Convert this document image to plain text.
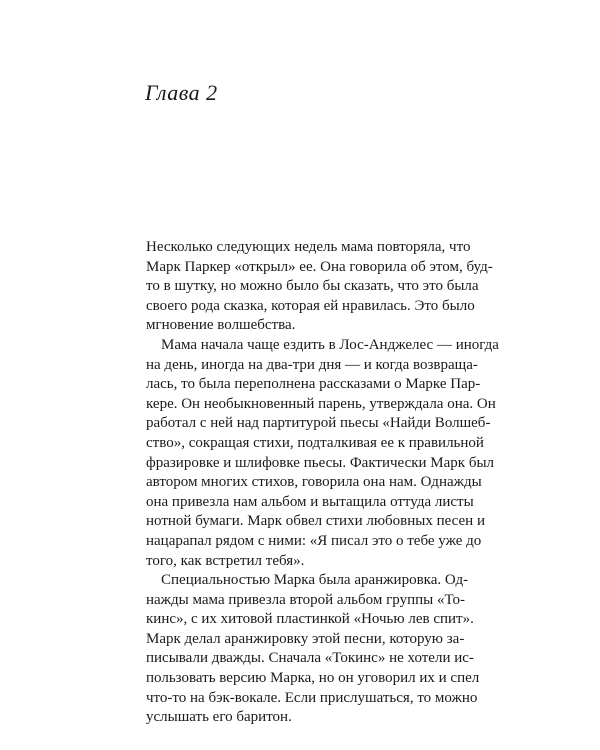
Глава 2

Несколько следующих недель мама повторяла, что
Марк Паркер «открыл» ее. Она говорила об этом, буд-
то в шутку, но можно было бы сказать, что это была
своего рода сказка, которая ей нравилась. Это было
мгновение волшебства.

Мама начала чаще ездить в Лос-Анджелес — иногда
на день, иногда на два-три дня — и когда возвраща-
лась, то была переполнена рассказами о Марке Пар-
кере. Он необыкновенный парень, утверждала она. Он
работал с ней над партитурой пьесы «Найди Волшеб-
ство», сокращая стихи, подталкивая ее к правильной
фразировке и шлифовке пьесы. Фактически Марк был
автором многих стихов, говорила она нам. Однажды
она привезла нам альбом и вытащила оттуда листы
нотной бумаги. Марк обвел стихи любовных песен и
нацарапал рядом с ними: «Я писал это о тебе уже до
того, как встретил тебя».

Специальностью Марка была аранжировка. Од-
нажды мама привезла второй альбом группы «То-
кинс», с их хитовой пластинкой «Ночью лев спит».
Марк делал аранжировку этой песни, которую за-
писывали дважды. Сначала «Токинс» не хотели ис-
пользовать версию Марка, но он уговорил их и спел
что-то на бэк-вокале. Если прислушаться, то можно
услышать его баритон.
